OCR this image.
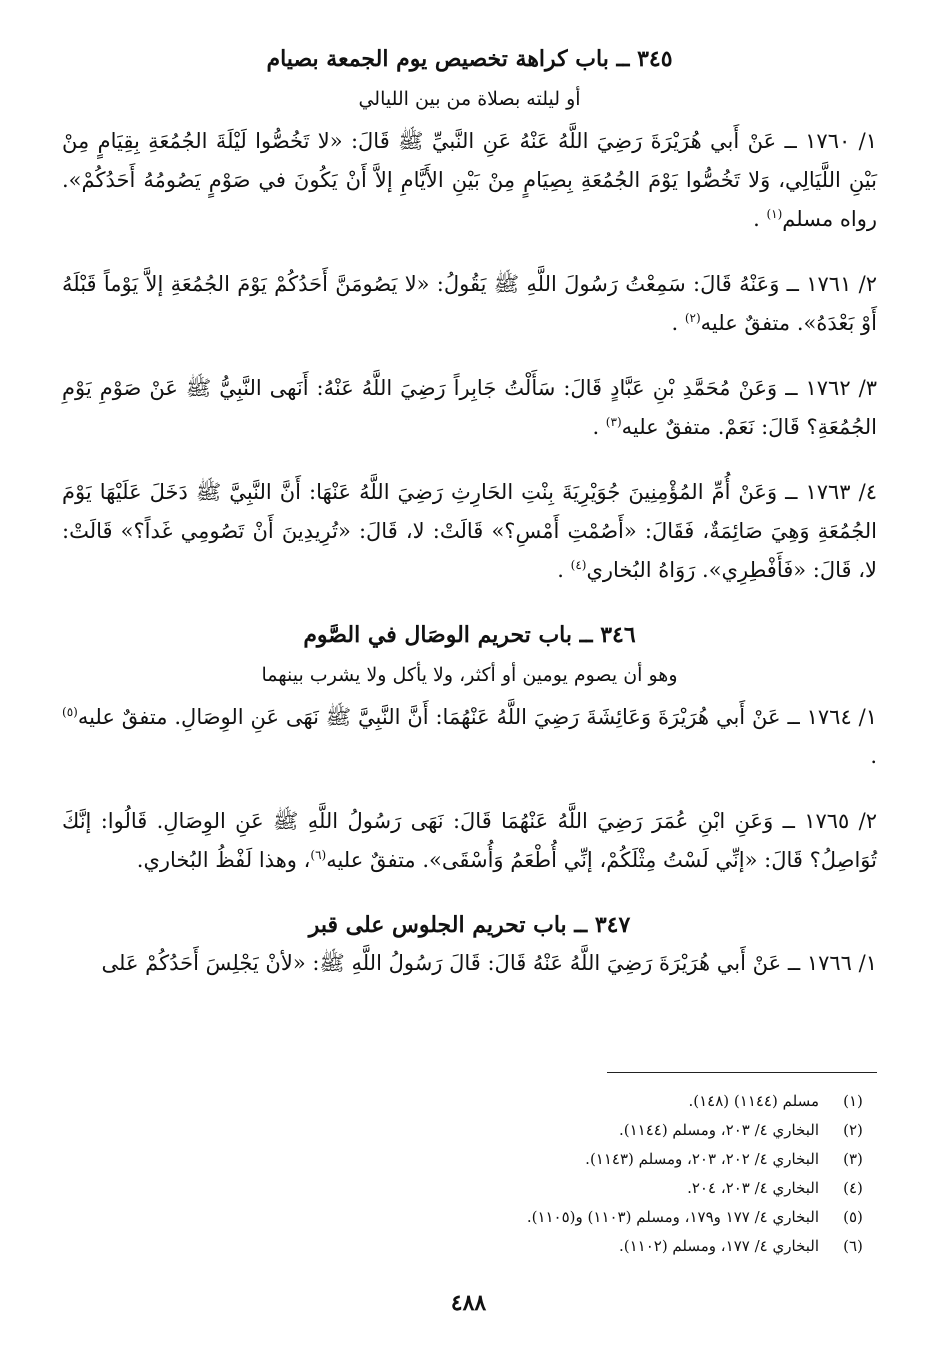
٣٤٥ ــ باب كراهة تخصيص يوم الجمعة بصيام
أو ليلته بصلاة من بين الليالي

١/ ١٧٦٠ ــ عَنْ أَبي هُرَيْرَةَ رَضِيَ اللَّهُ عَنْهُ عَنِ النَّبيِّ ﷺ قَالَ: «لا تَخُصُّوا لَيْلَةَ الجُمُعَةِ بِقِيَامٍ مِنْ بَيْنِ اللَّيَالِي، وَلا تَخُصُّوا يَوْمَ الجُمُعَةِ بِصِيَامٍ مِنْ بَيْنِ الأَيَّامِ إلاَّ أَنْ يَكُونَ في صَوْمٍ يَصُومُهُ أَحَدُكُمْ». رواه مسلم$^{(١)}$ .

٢/ ١٧٦١ ــ وَعَنْهُ قَالَ: سَمِعْتُ رَسُولَ اللَّهِ ﷺ يَقُولُ: «لا يَصُومَنَّ أَحَدُكُمْ يَوْمَ الجُمُعَةِ إلاَّ يَوْماً قَبْلَهُ أَوْ بَعْدَهُ». متفقٌ عليه$^{(٢)}$ .

٣/ ١٧٦٢ ــ وَعَنْ مُحَمَّدِ بْنِ عَبَّادٍ قَالَ: سَأَلْتُ جَابِراً رَضِيَ اللَّهُ عَنْهُ: أَنَهى النَّبِيُّ ﷺ عَنْ صَوْمِ يَوْمِ الجُمُعَةِ؟ قَالَ: نَعَمْ. متفقٌ عليه$^{(٣)}$ .

٤/ ١٧٦٣ ــ وَعَنْ أُمِّ المُؤْمِنِينَ جُوَيْرِيَةَ بِنْتِ الحَارِثِ رَضِيَ اللَّهُ عَنْهَا: أَنَّ النَّبِيَّ ﷺ دَخَلَ عَلَيْهَا يَوْمَ الجُمُعَةِ وَهِيَ صَائِمَةٌ، فَقَالَ: «أَصُمْتِ أَمْسِ؟» قَالَتْ: لا، قَالَ: «تُرِيدِينَ أَنْ تَصُومِي غَداً؟» قَالَتْ: لا، قَالَ: «فَأَفْطِرِي». رَوَاهُ البُخاري$^{(٤)}$ .

٣٤٦ ــ باب تحريم الوصَال في الصَّوم
وهو أن يصوم يومين أو أكثر، ولا يأكل ولا يشرب بينهما

١/ ١٧٦٤ ــ عَنْ أَبي هُرَيْرَةَ وَعَائِشَةَ رَضِيَ اللَّهُ عَنْهُمَا: أَنَّ النَّبِيَّ ﷺ نَهَى عَنِ الوِصَالِ. متفقٌ عليه$^{(٥)}$ .

٢/ ١٧٦٥ ــ وَعَنِ ابْنِ عُمَرَ رَضِيَ اللَّهُ عَنْهُمَا قَالَ: نَهَى رَسُولُ اللَّهِ ﷺ عَنِ الوِصَالِ. قَالُوا: إنَّكَ تُوَاصِلُ؟ قَالَ: «إنِّي لَسْتُ مِثْلَكُمْ، إنِّي أُطْعَمُ وَأُسْقَى». متفقٌ عليه$^{(٦)}$، وهذا لَفْظُ البُخاري.

٣٤٧ ــ باب تحريم الجلوس على قبر

١/ ١٧٦٦ ــ عَنْ أَبي هُرَيْرَةَ رَضِيَ اللَّهُ عَنْهُ قَالَ: قَالَ رَسُولُ اللَّهِ ﷺ: «لأنْ يَجْلِسَ أَحَدُكُمْ عَلى

(١)
مسلم (١١٤٤) (١٤٨).
(٢)
البخاري ٤/ ٢٠٣، ومسلم (١١٤٤).
(٣)
البخاري ٤/ ٢٠٢، ٢٠٣، ومسلم (١١٤٣).
(٤)
البخاري ٤/ ٢٠٣، ٢٠٤.
(٥)
البخاري ٤/ ١٧٧ و١٧٩، ومسلم (١١٠٣) و(١١٠٥).
(٦)
البخاري ٤/ ١٧٧، ومسلم (١١٠٢).
٤٨٨
